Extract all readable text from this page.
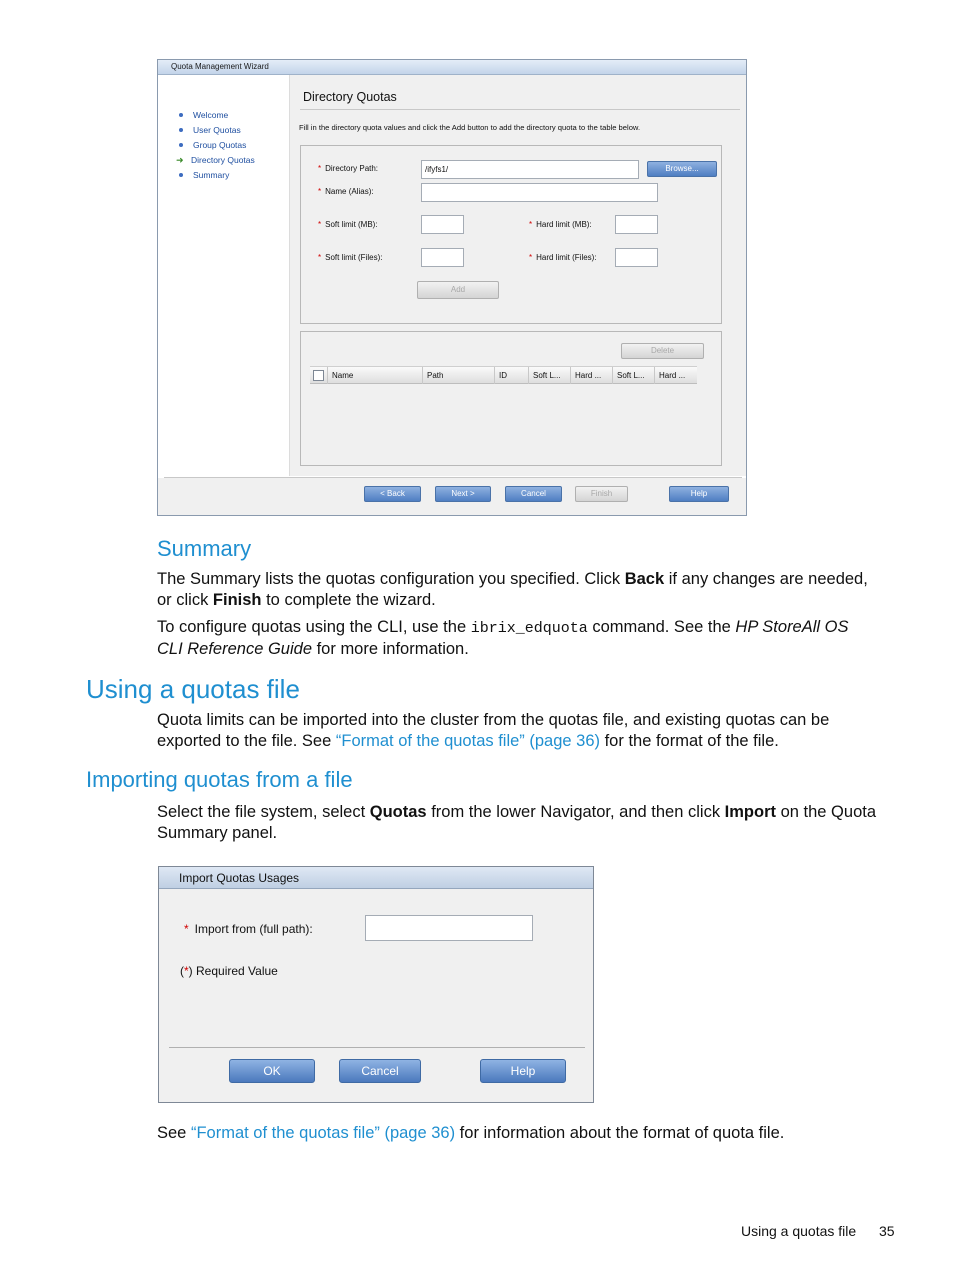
Quota Management Wizard
Welcome
User Quotas
Group Quotas
➜ Directory Quotas
Summary
Directory Quotas
Fill in the directory quota values and click the Add button to add the directory quota to the table below.
* Directory Path:	/ifyfs1/	Browse...
* Name (Alias):
* Soft limit (MB):	* Hard limit (MB):
* Soft limit (Files):	* Hard limit (Files):
Add
Delete
Name	Path	ID	Soft L...	Hard ...	Soft L...	Hard ...
< Back	Next >	Cancel	Finish	Help
Summary
The Summary lists the quotas configuration you specified. Click Back if any changes are needed,
or click Finish to complete the wizard.
To configure quotas using the CLI, use the ibrix_edquota command. See the HP StoreAll OS
CLI Reference Guide for more information.
Using a quotas file
Quota limits can be imported into the cluster from the quotas file, and existing quotas can be
exported to the file. See “Format of the quotas file” (page 36) for the format of the file.
Importing quotas from a file
Select the file system, select Quotas from the lower Navigator, and then click Import on the Quota
Summary panel.
Import Quotas Usages
* Import from (full path):
(*) Required Value
OK	Cancel	Help
See “Format of the quotas file” (page 36) for information about the format of quota file.
Using a quotas file 35
